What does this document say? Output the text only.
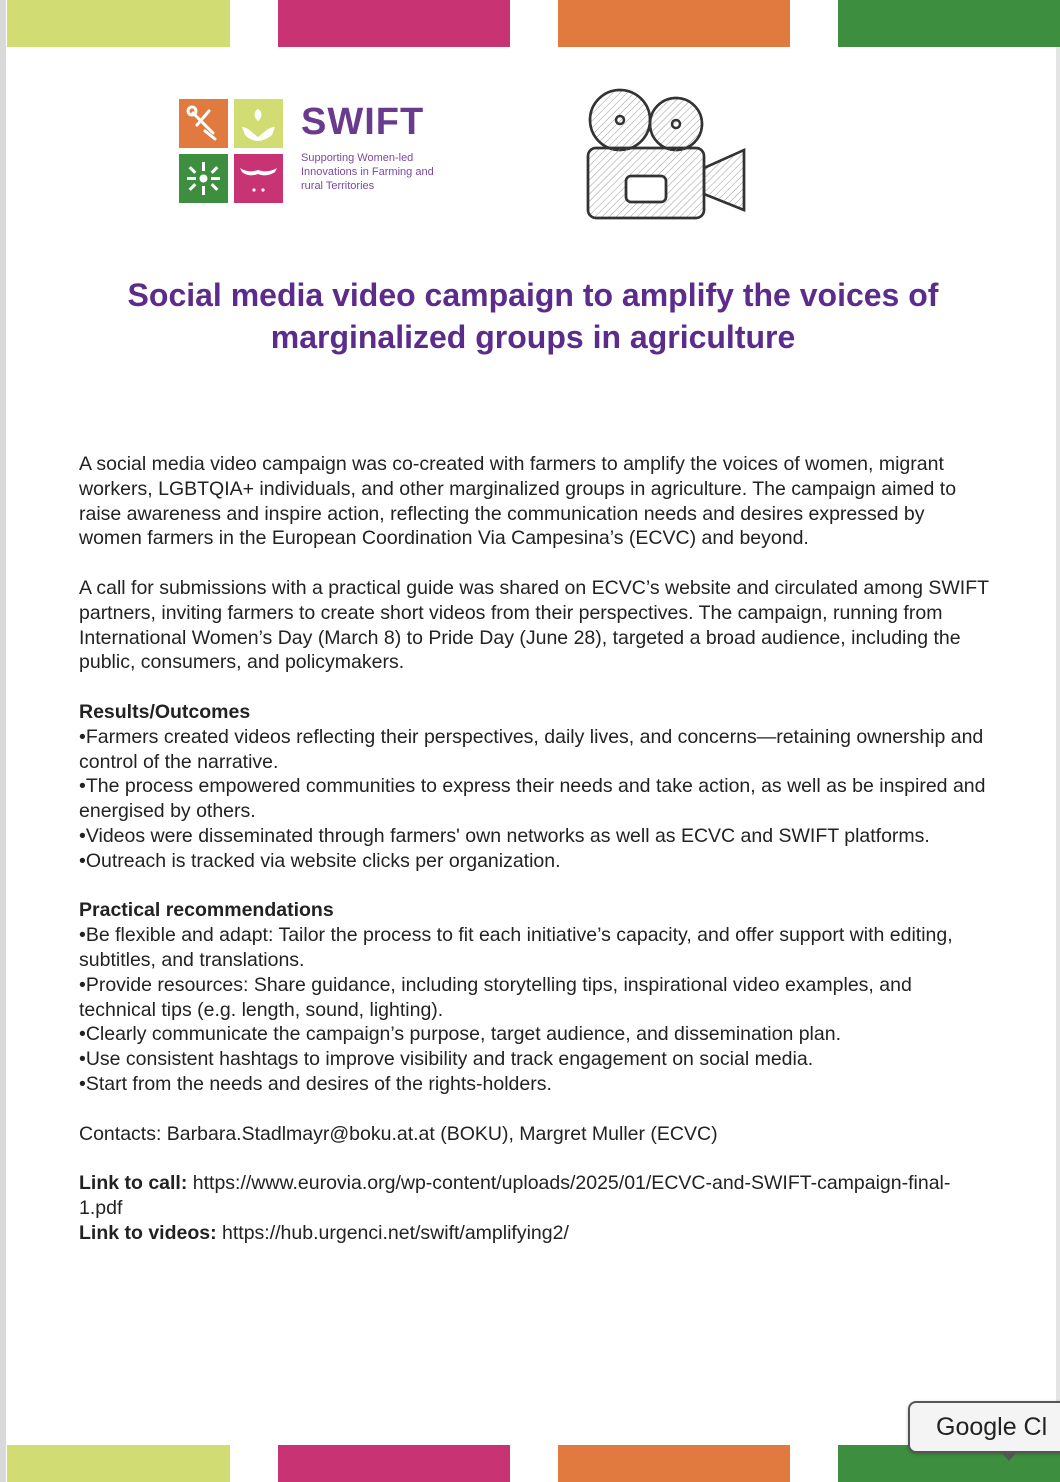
SWIFT
Supporting Women-led Innovations in Farming and rural Territories
Social media video campaign to amplify the voices of marginalized groups in agriculture

A social media video campaign was co-created with farmers to amplify the voices of women, migrant workers, LGBTQIA+ individuals, and other marginalized groups in agriculture. The campaign aimed to raise awareness and inspire action, reflecting the communication needs and desires expressed by women farmers in the European Coordination Via Campesina’s (ECVC) and beyond.

A call for submissions with a practical guide was shared on ECVC’s website and circulated among SWIFT partners, inviting farmers to create short videos from their perspectives. The campaign, running from International Women’s Day (March 8) to Pride Day (June 28), targeted a broad audience, including the public, consumers, and policymakers.

Results/Outcomes
•Farmers created videos reflecting their perspectives, daily lives, and concerns—retaining ownership and control of the narrative.
•The process empowered communities to express their needs and take action, as well as be inspired and energised by others.
•Videos were disseminated through farmers' own networks as well as ECVC and SWIFT platforms.
•Outreach is tracked via website clicks per organization.
Practical recommendations
•Be flexible and adapt: Tailor the process to fit each initiative’s capacity, and offer support with editing, subtitles, and translations.
•Provide resources: Share guidance, including storytelling tips, inspirational video examples, and technical tips (e.g. length, sound, lighting).
•Clearly communicate the campaign’s purpose, target audience, and dissemination plan.
•Use consistent hashtags to improve visibility and track engagement on social media.
•Start from the needs and desires of the rights-holders.

Contacts: Barbara.Stadlmayr@boku.at.at (BOKU), Margret Muller (ECVC)

Link to call: https://www.eurovia.org/wp-content/uploads/2025/01/ECVC-and-SWIFT-campaign-final-1.pdf
Link to videos: https://hub.urgenci.net/swift/amplifying2/
Google Cl
